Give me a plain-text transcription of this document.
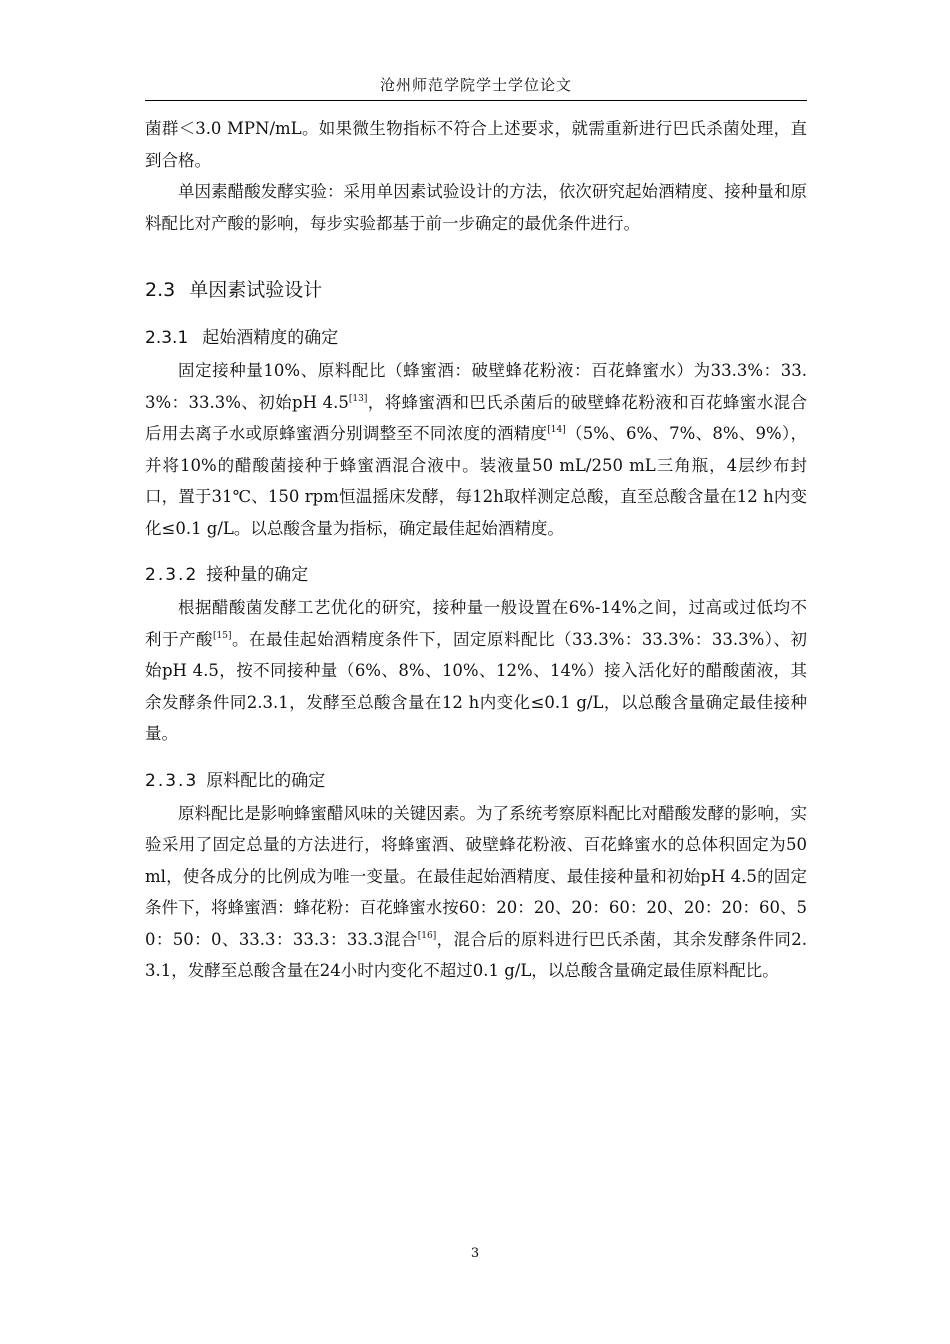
沧州师范学院学士学位论文

菌群＜3.0 MPN/mL。如果微生物指标不符合上述要求，就需重新进行巴氏杀菌处理，直到合格。

单因素醋酸发酵实验：采用单因素试验设计的方法，依次研究起始酒精度、接种量和原料配比对产酸的影响，每步实验都基于前一步确定的最优条件进行。

2.3 单因素试验设计
2.3.1 起始酒精度的确定

固定接种量10%、原料配比（蜂蜜酒：破壁蜂花粉液：百花蜂蜜水）为33.3%：33.3%：33.3%、初始pH 4.5[13]，将蜂蜜酒和巴氏杀菌后的破壁蜂花粉液和百花蜂蜜水混合后用去离子水或原蜂蜜酒分别调整至不同浓度的酒精度[14]（5%、6%、7%、8%、9%），并将10%的醋酸菌接种于蜂蜜酒混合液中。装液量50 mL/250 mL三角瓶，4层纱布封口，置于31℃、150 rpm恒温摇床发酵，每12h取样测定总酸，直至总酸含量在12 h内变化≤0.1 g/L。以总酸含量为指标，确定最佳起始酒精度。

2.3.2 接种量的确定

根据醋酸菌发酵工艺优化的研究，接种量一般设置在6%-14%之间，过高或过低均不利于产酸[15]。在最佳起始酒精度条件下，固定原料配比（33.3%：33.3%：33.3%）、初始pH 4.5，按不同接种量（6%、8%、10%、12%、14%）接入活化好的醋酸菌液，其余发酵条件同2.3.1，发酵至总酸含量在12 h内变化≤0.1 g/L，以总酸含量确定最佳接种量。

2.3.3 原料配比的确定

原料配比是影响蜂蜜醋风味的关键因素。为了系统考察原料配比对醋酸发酵的影响，实验采用了固定总量的方法进行，将蜂蜜酒、破壁蜂花粉液、百花蜂蜜水的总体积固定为50ml，使各成分的比例成为唯一变量。在最佳起始酒精度、最佳接种量和初始pH 4.5的固定条件下，将蜂蜜酒：蜂花粉：百花蜂蜜水按60：20：20、20：60：20、20：20：60、50：50：0、33.3：33.3：33.3混合[16]，混合后的原料进行巴氏杀菌，其余发酵条件同2.3.1，发酵至总酸含量在24小时内变化不超过0.1 g/L，以总酸含量确定最佳原料配比。

3
